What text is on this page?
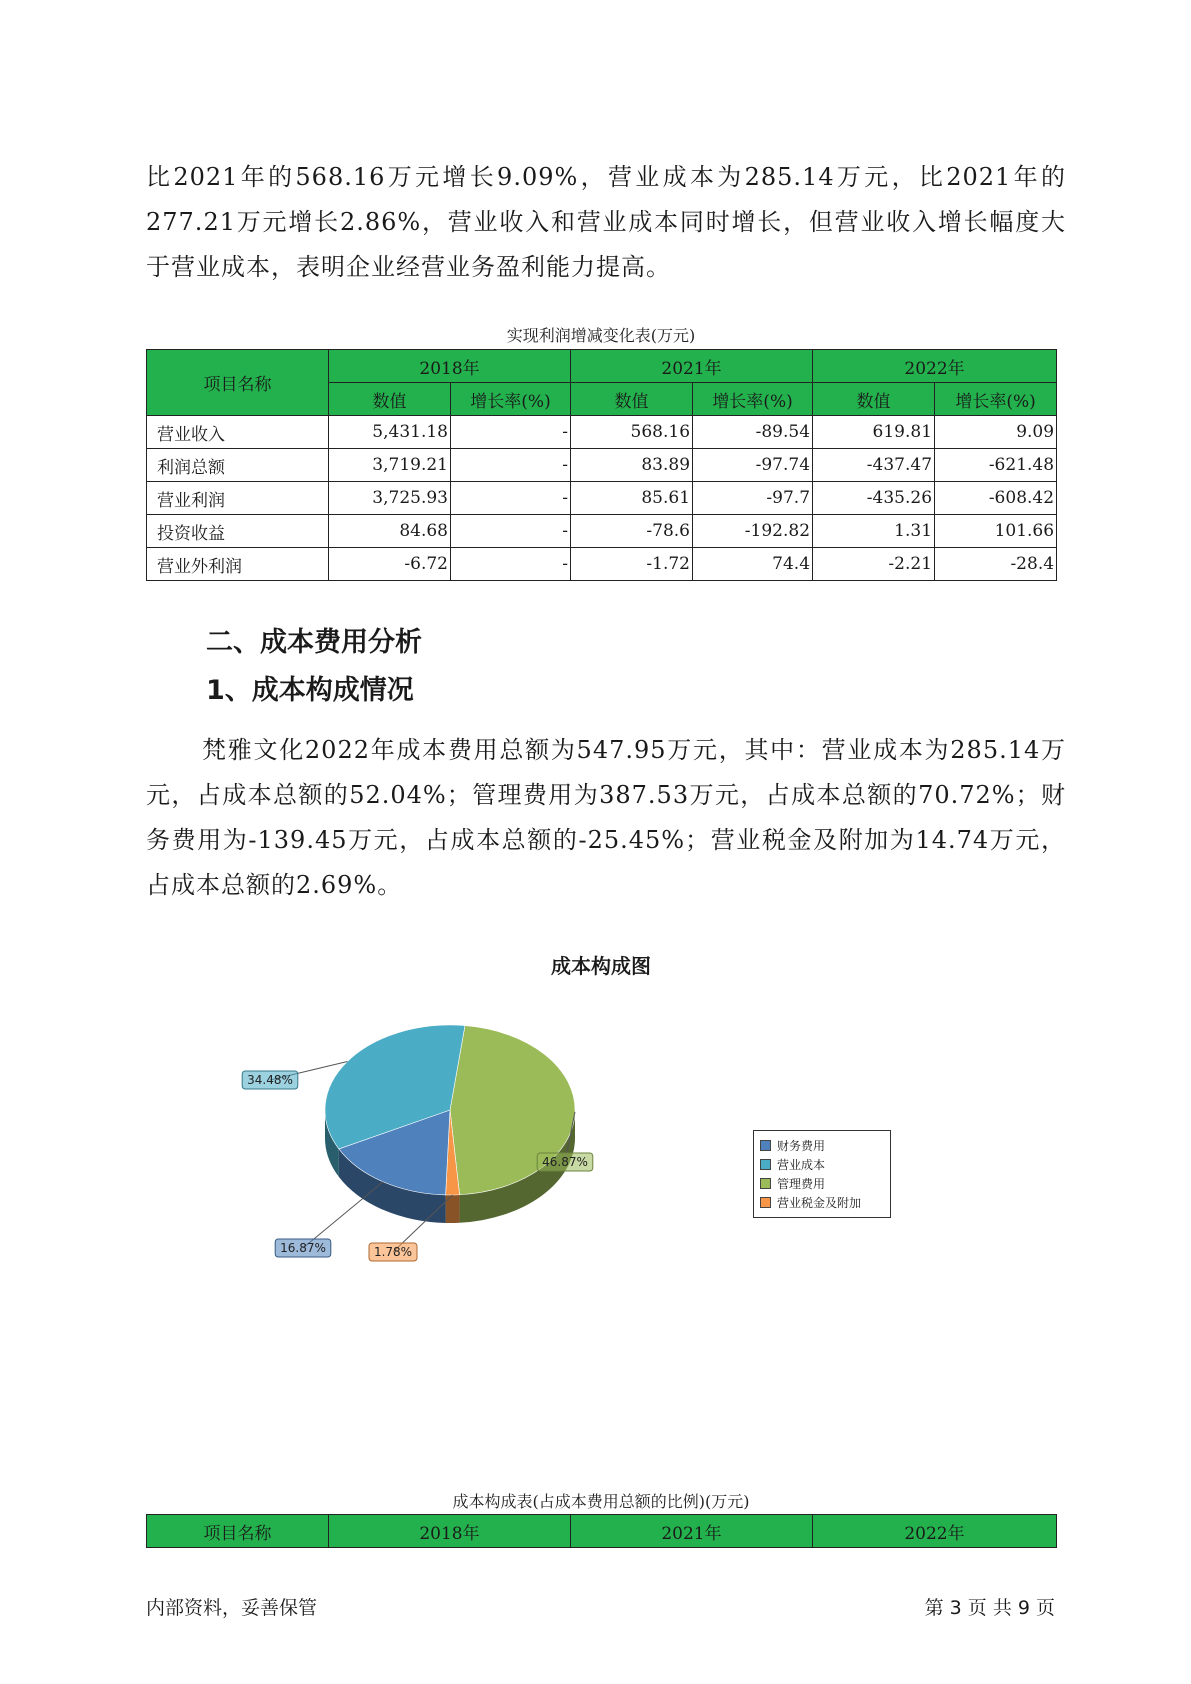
比2021年的568.16万元增长9.09%，营业成本为285.14万元，比2021年的277.21万元增长2.86%，营业收入和营业成本同时增长，但营业收入增长幅度大于营业成本，表明企业经营业务盈利能力提高。

实现利润增减变化表(万元)
项目名称	2018年		2021年		2022年	
	数值	增长率(%)	数值	增长率(%)	数值	增长率(%)
营业收入	5,431.18	-	568.16	-89.54	619.81	9.09
利润总额	3,719.21	-	83.89	-97.74	-437.47	-621.48
营业利润	3,725.93	-	85.61	-97.7	-435.26	-608.42
投资收益	84.68	-	-78.6	-192.82	1.31	101.66
营业外利润	-6.72	-	-1.72	74.4	-2.21	-28.4
二、成本费用分析
1、成本构成情况

梵雅文化2022年成本费用总额为547.95万元，其中：营业成本为285.14万元，占成本总额的52.04%；管理费用为387.53万元，占成本总额的70.72%；财务费用为-139.45万元，占成本总额的-25.45%；营业税金及附加为14.74万元，占成本总额的2.69%。

成本构成图
46.87%
1.78%
16.87%
34.48%
财务费用
营业成本
管理费用
营业税金及附加
成本构成表(占成本费用总额的比例)(万元)
项目名称	2018年	2021年	2022年
内部资料，妥善保管	第 3 页 共 9 页
